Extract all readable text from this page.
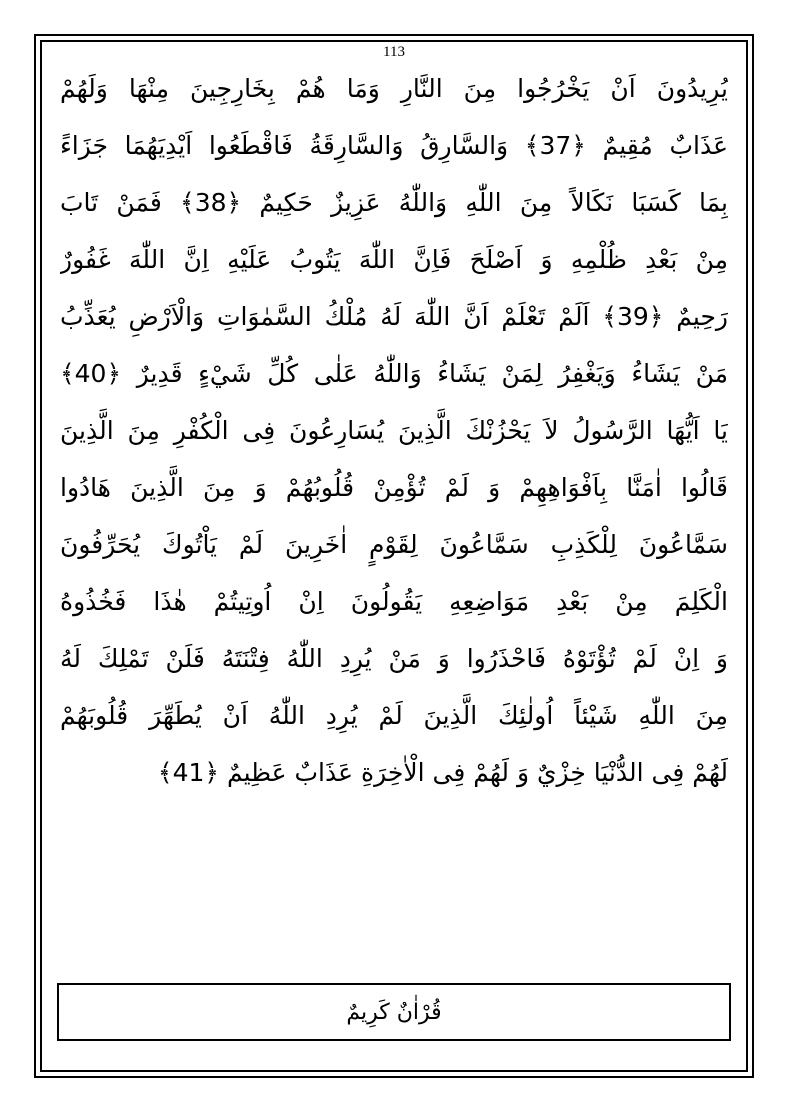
113
يُرِيدُونَ اَنْ يَخْرُجُوا مِنَ النَّارِ وَمَا هُمْ بِخَارِجِينَ مِنْهَا وَلَهُمْ
عَذَابٌ مُقِيمٌ ﴿37﴾ وَالسَّارِقُ وَالسَّارِقَةُ فَاقْطَعُوا اَيْدِيَهُمَا جَزَاءً
بِمَا كَسَبَا نَكَالاً مِنَ اللّٰهِ وَاللّٰهُ عَزِيزٌ حَكِيمٌ ﴿38﴾ فَمَنْ تَابَ
مِنْ بَعْدِ ظُلْمِهِ وَ اَصْلَحَ فَاِنَّ اللّٰهَ يَتُوبُ عَلَيْهِ اِنَّ اللّٰهَ غَفُورٌ
رَحِيمٌ ﴿39﴾ اَلَمْ تَعْلَمْ اَنَّ اللّٰهَ لَهُ مُلْكُ السَّمٰوَاتِ وَالْاَرْضِ يُعَذِّبُ
مَنْ يَشَاءُ وَيَغْفِرُ لِمَنْ يَشَاءُ وَاللّٰهُ عَلٰى كُلِّ شَيْءٍ قَدِيرٌ ﴿40﴾
يَا اَيُّهَا الرَّسُولُ لاَ يَحْزُنْكَ الَّذِينَ يُسَارِعُونَ فِى الْكُفْرِ مِنَ الَّذِينَ
قَالُوا اٰمَنَّا بِاَفْوَاهِهِمْ وَ لَمْ تُؤْمِنْ قُلُوبُهُمْ وَ مِنَ الَّذِينَ هَادُوا
سَمَّاعُونَ لِلْكَذِبِ سَمَّاعُونَ لِقَوْمٍ اٰخَرِينَ لَمْ يَاْتُوكَ يُحَرِّفُونَ
الْكَلِمَ مِنْ بَعْدِ مَوَاضِعِهِ يَقُولُونَ اِنْ اُوتِيتُمْ هٰذَا فَخُذُوهُ
وَ اِنْ لَمْ تُؤْتَوْهُ فَاحْذَرُوا وَ مَنْ يُرِدِ اللّٰهُ فِتْنَتَهُ فَلَنْ تَمْلِكَ لَهُ
مِنَ اللّٰهِ شَيْئاً اُولٰئِكَ الَّذِينَ لَمْ يُرِدِ اللّٰهُ اَنْ يُطَهِّرَ قُلُوبَهُمْ
لَهُمْ فِى الدُّنْيَا خِزْيٌ وَ لَهُمْ فِى الْاٰخِرَةِ عَذَابٌ عَظِيمٌ ﴿41﴾
قُرْاٰنٌ كَرِيمٌ
